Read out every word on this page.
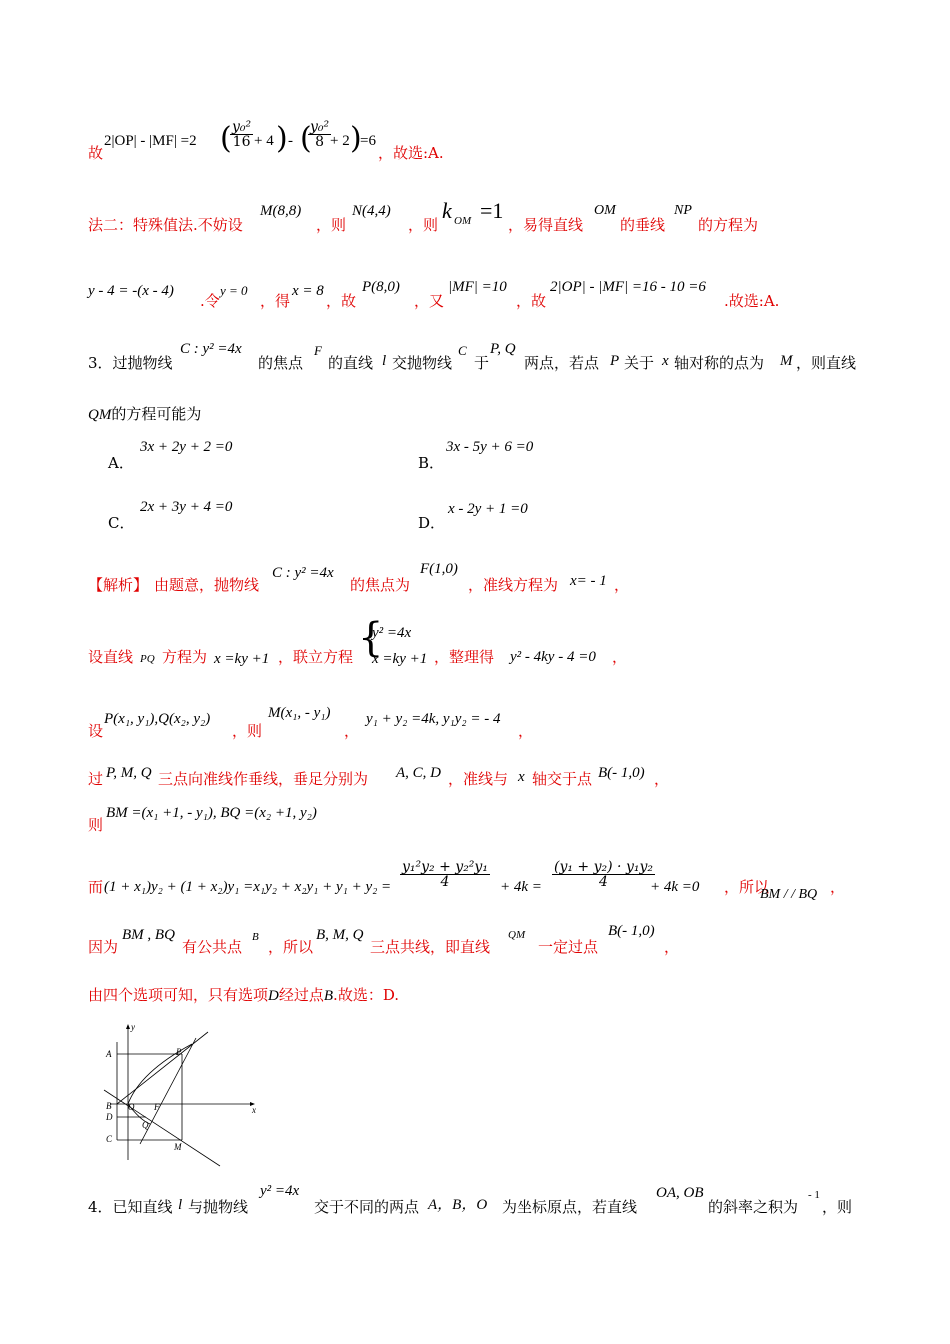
故
2|OP| - |MF| =2 (
$\frac{\text{y₀²}}{16} + 4$ ) - (
$\frac{\text{y₀²}}{8}$
+ 2 )
=6
，故选:A.
法二：特殊值法.不妨设
M(8,8)
，则
N(4,4)
，则
k OM =1
，易得直线
OM
的垂线
NP
的方程为
y - 4 = -(x - 4)
.令
y = 0
，得
x = 8
，故
P(8,0)
，又
|MF| =10
，故
2|OP| - |MF| =16 - 10 =6
.故选:A.
3．过抛物线
C : y² =4x
的焦点
F
的直线 l 交抛物线
C
于
P, Q
两点，若点 P 关于 x 轴对称的点为 M ，则直线
QM的方程可能为
A．
3x + 2y + 2 =0
B．
3x - 5y + 6 =0
C．
2x + 3y + 4 =0
D．
x - 2y + 1 =0
【解析】 由题意，抛物线
C : y² =4x
的焦点为
F(1,0)
，准线方程为 x= - 1 ，
设直线 PQ 方程为 x =ky +1 ，联立方程 {
y² =4x
x =ky +1 ，整理得 y² - 4ky - 4 =0 ，
设
P(x₁, y₁),Q(x₂, y₂)
，则
M(x₁, - y₁)
，
y₁ + y₂ =4k, y₁y₂ = - 4
，
过 P, M, Q 三点向准线作垂线，垂足分别为 A, C, D ，准线与 x 轴交于点 B(- 1,0) ，
则
BM =(x₁ +1, - y₁), BQ =(x₂ +1, y₂)
而 $(1 + x_1)y_2 + (1 + x_2)y_1 =x_1y_2 + x_2y_1 + y_1 + y_2 = \frac{\text{y₁²y₂ + y₂²y₁}}{4} + 4k = \frac{\text{(y₁ + y₂) · y₁y₂}}{4}$
+ 4k =0 ，所以
BM / / BQ ，
因为
BM , BQ
有公共点
B
，所以
B, M, Q
三点共线，即直线
QM
一定过点
B(- 1,0)
，
由四个选项可知，只有选项D经过点B.故选：D.
y
x
A	P
B O F
D
Q
C
M
4．已知直线 l 与抛物线
y² =4x
交于不同的两点 A，B，O 为坐标原点，若直线
OA, OB
的斜率之积为
- 1
，则
